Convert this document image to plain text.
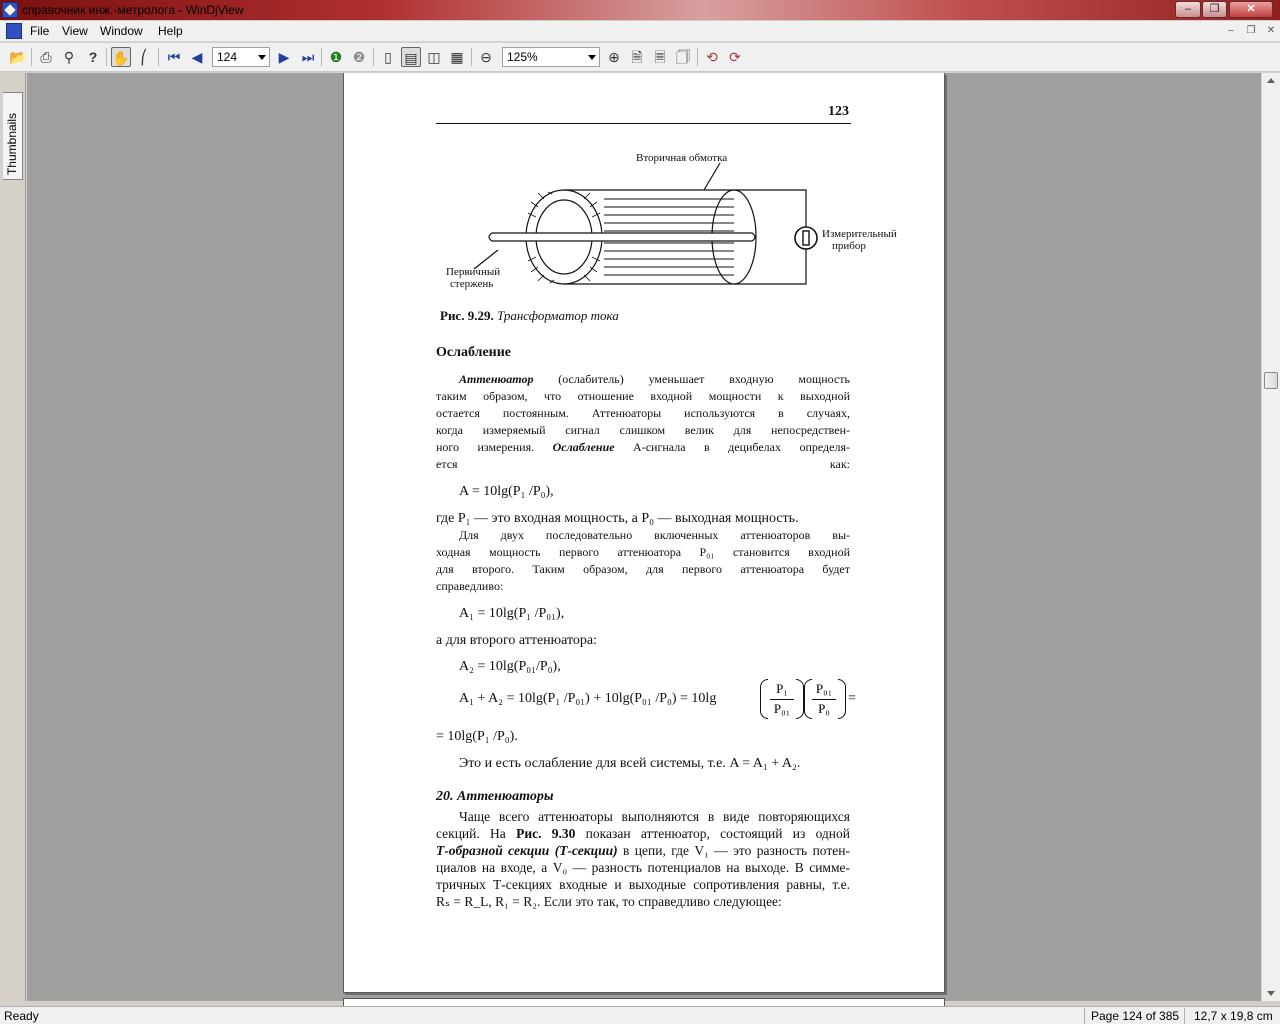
справочник инж.-метролога - WinDjView	–	❐	✕
File View Window Help	–	❐	✕
📂 ⎙ ⚲	?	✋ ⎛	⏮ ◀	124	▶ ⏭ ❶ ❷	▯ ▤ ◫ ▦ ⊖	125%	⊕ 🗎 🗏 🗍 ⟲ ⟳
Thumbnails
123
Вторичная обмотка
Измерительный
прибор
Первичный
стержень
Рис. 9.29. Трансформатор тока
Ослабление
Аттенюатор (ослабитель) уменьшает входную мощность
таким образом, что отношение входной мощности к выходной
остается постоянным. Аттенюаторы используются в случаях,
когда измеряемый сигнал слишком велик для непосредствен-
ного измерения. Ослабление А-сигнала в децибелах определя-
ется как:
A = 10lg(P₁ /P₀),
где P₁ — это входная мощность, а P₀ — выходная мощность.
Для двух последовательно включенных аттенюаторов вы-
ходная мощность первого аттенюатора P₀₁ становится входной
для второго. Таким образом, для первого аттенюатора будет
справедливо:
A₁ = 10lg(P₁ /P₀₁),
а для второго аттенюатора:
A₂ = 10lg(P₀₁/P₀),
A₁ + A₂ = 10lg(P₁ /P₀₁) + 10lg(P₀₁ /P₀) = 10lg
P₁
P₀₁
P₀₁
P₀
=
= 10lg(P₁ /P₀).
Это и есть ослабление для всей системы, т.е. A = A₁ + A₂.
20. Аттенюаторы
Чаще всего аттенюаторы выполняются в виде повторяющихся
секций. На Рис. 9.30 показан аттенюатор, состоящий из одной
Т-образной секции (Т-секции) в цепи, где V₁ — это разность потен-
циалов на входе, а V₀ — разность потенциалов на выходе. В симме-
тричных Т-секциях входные и выходные сопротивления равны, т.е.
Rₛ = R_L, R₁ = R₂. Если это так, то справедливо следующее:
Ready	Page 124 of 385 12,7 x 19,8 cm
